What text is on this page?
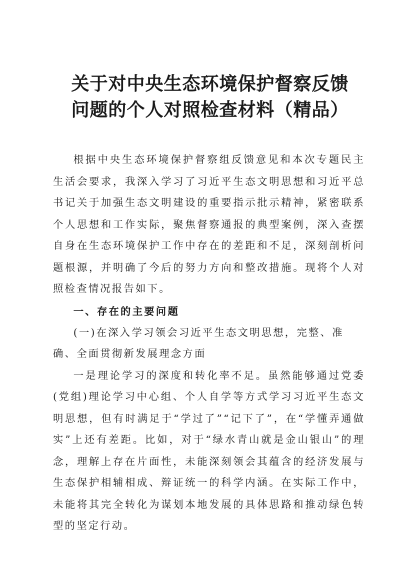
关于对中央生态环境保护督察反馈
问题的个人对照检查材料（精品）

根据中央生态环境保护督察组反馈意见和本次专题民主生活会要求，我深入学习了习近平生态文明思想和习近平总书记关于加强生态文明建设的重要指示批示精神，紧密联系个人思想和工作实际，聚焦督察通报的典型案例，深入查摆自身在生态环境保护工作中存在的差距和不足，深刻剖析问题根源，并明确了今后的努力方向和整改措施。现将个人对照检查情况报告如下。

一、存在的主要问题

(一)在深入学习领会习近平生态文明思想，完整、准确、全面贯彻新发展理念方面

一是理论学习的深度和转化率不足。虽然能够通过党委(党组)理论学习中心组、个人自学等方式学习习近平生态文明思想，但有时满足于“学过了”“记下了”，在“学懂弄通做实”上还有差距。比如，对于“绿水青山就是金山银山”的理念，理解上存在片面性，未能深刻领会其蕴含的经济发展与生态保护相辅相成、辩证统一的科学内涵。在实际工作中，未能将其完全转化为谋划本地发展的具体思路和推动绿色转型的坚定行动。
